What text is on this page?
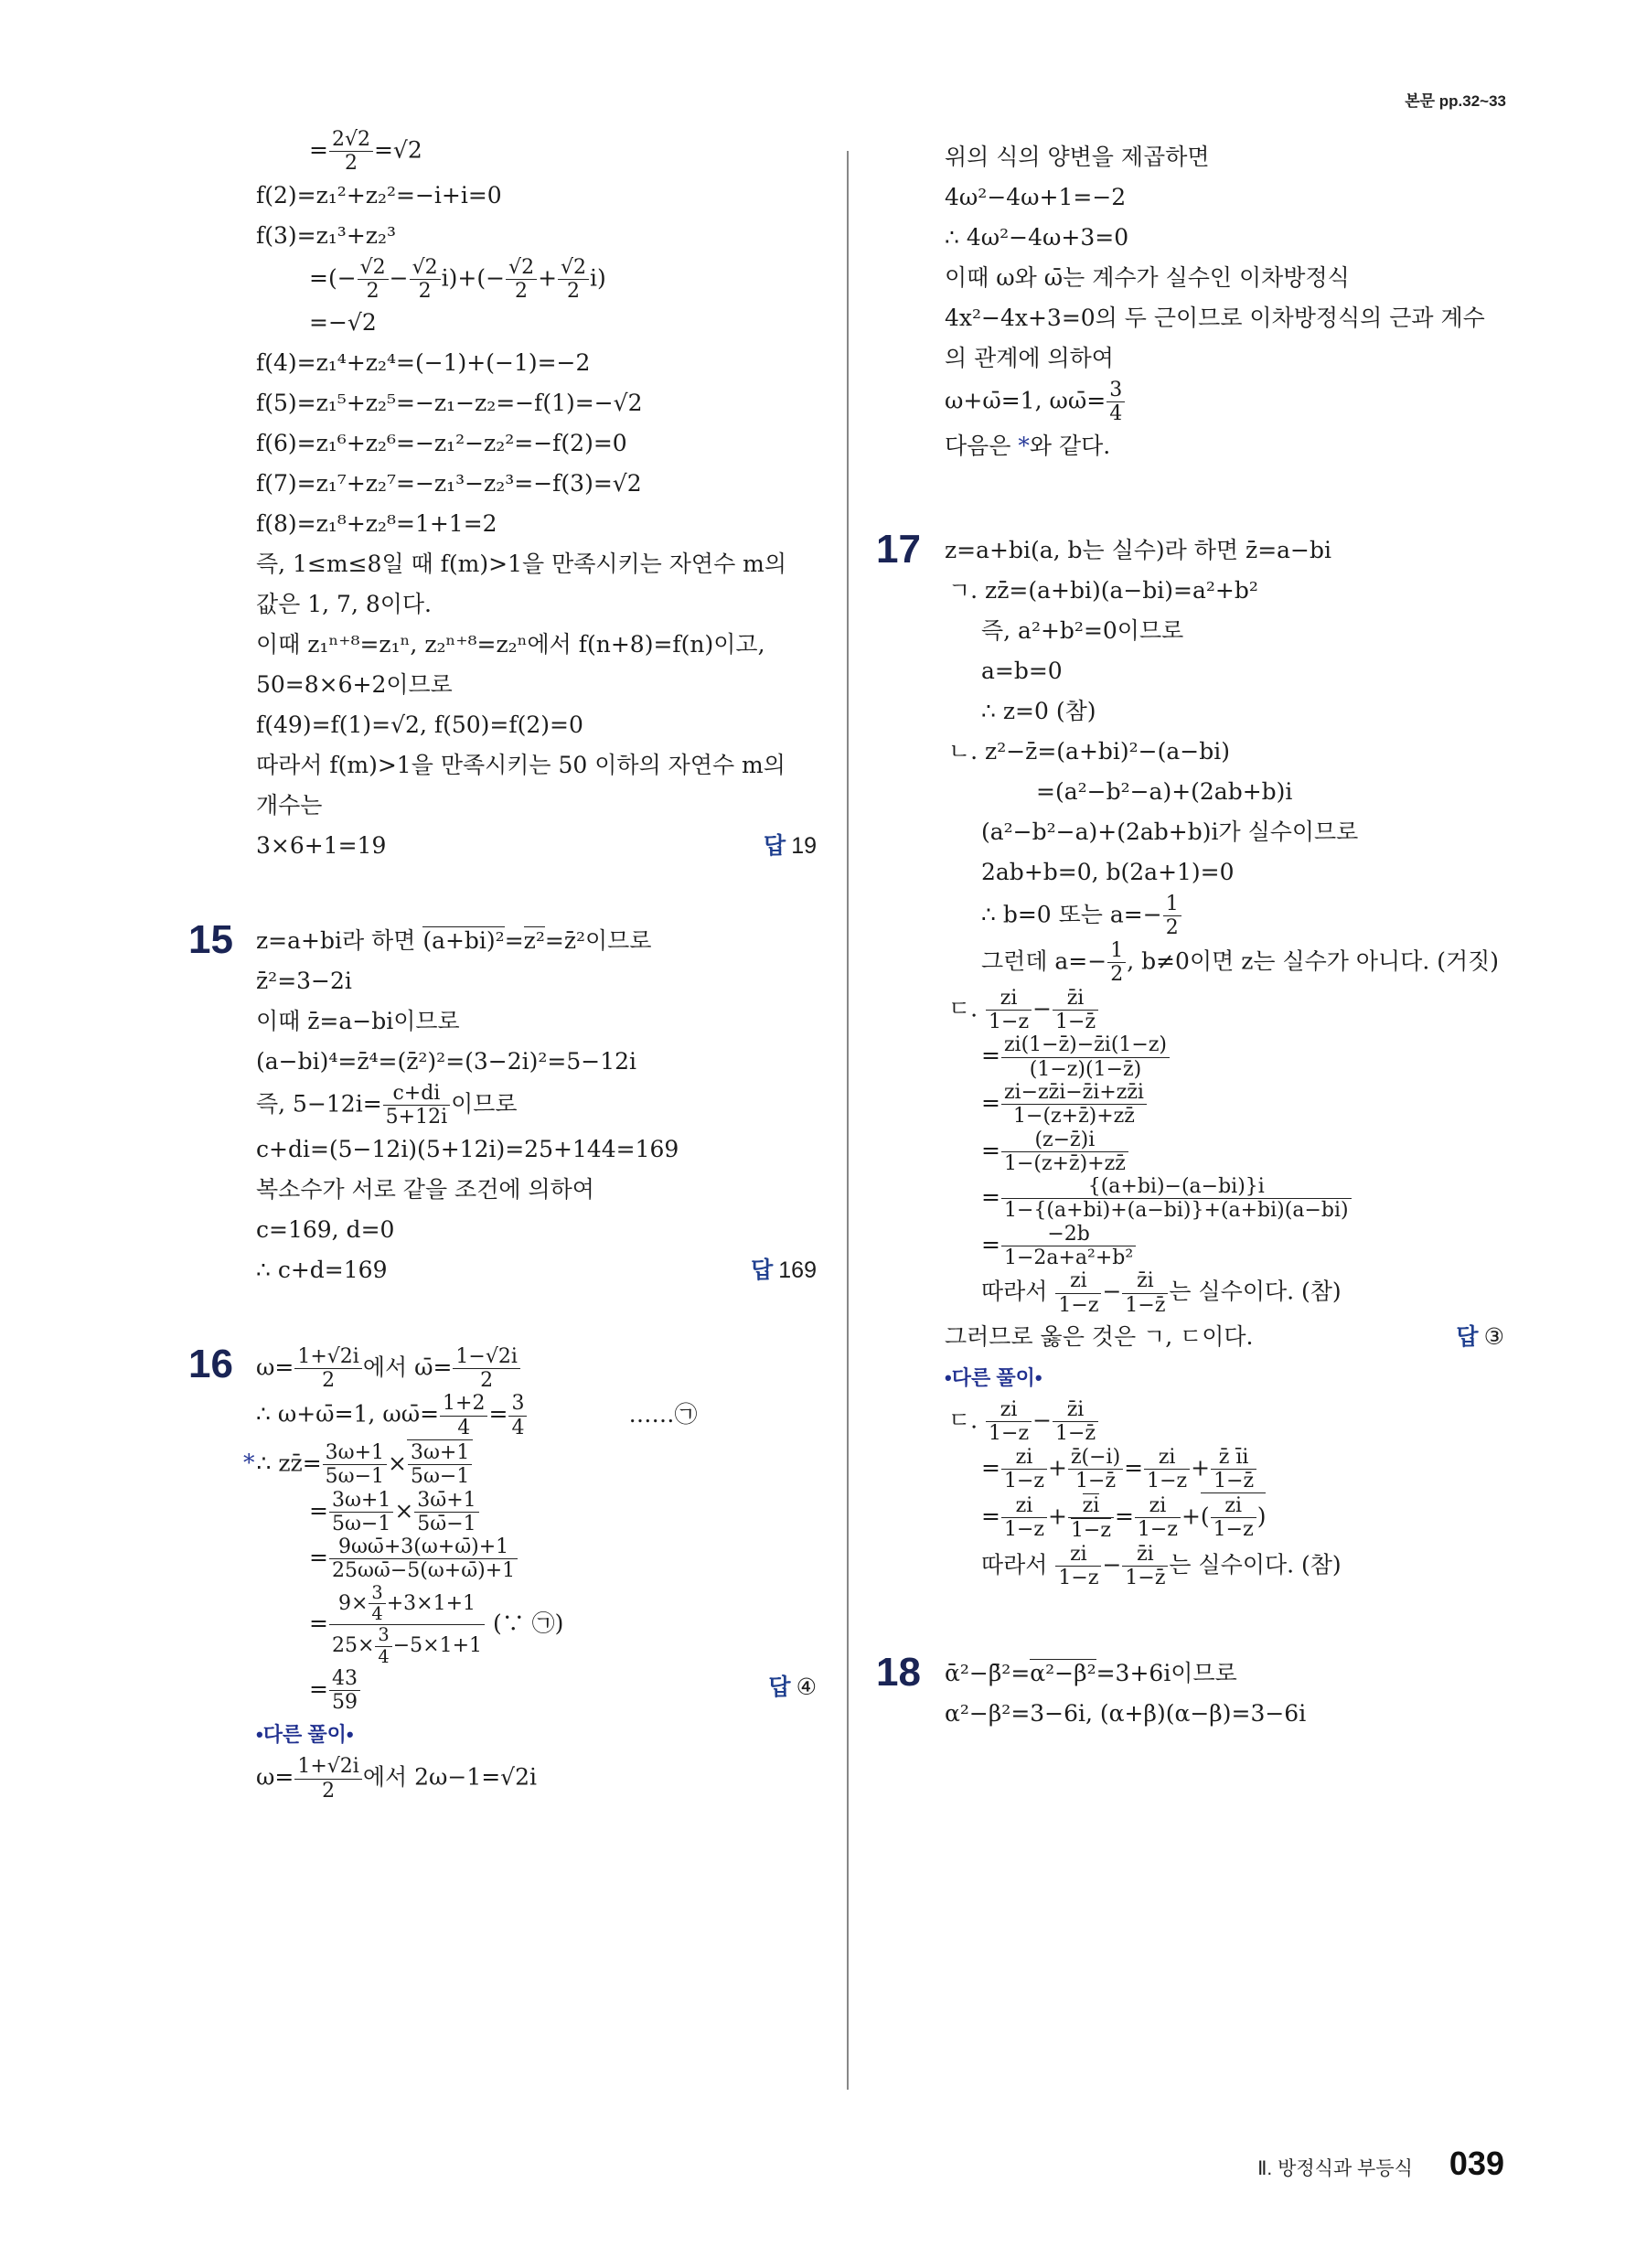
본문 pp.32~33
= $\frac{2√2}{2} =√2$
f(2)=z₁²+z₂²=−i+i=0
f(3)=z₁³+z₂³
=(− $\frac{√2}{2} - \frac{√2}{2} i)+(- \frac{√2}{2} + \frac{√2}{2} i)$
=−√2
f(4)=z₁⁴+z₂⁴=(−1)+(−1)=−2
f(5)=z₁⁵+z₂⁵=−z₁−z₂=−f(1)=−√2
f(6)=z₁⁶+z₂⁶=−z₁²−z₂²=−f(2)=0
f(7)=z₁⁷+z₂⁷=−z₁³−z₂³=−f(3)=√2
f(8)=z₁⁸+z₂⁸=1+1=2
즉, 1≤m≤8일 때 f(m)>1을 만족시키는 자연수 m의
값은 1, 7, 8이다.
이때 z₁ⁿ⁺⁸=z₁ⁿ, z₂ⁿ⁺⁸=z₂ⁿ에서 f(n+8)=f(n)이고,
50=8×6+2이므로
f(49)=f(1)=√2, f(50)=f(2)=0
따라서 f(m)>1을 만족시키는 50 이하의 자연수 m의
개수는
3×6+1=19	답 19
15 z=a+bi라 하면 (a+bi)²=z²=z̄²이므로
z̄²=3−2i
이때 z̄=a−bi이므로
(a−bi)⁴=z̄⁴=(z̄²)²=(3−2i)²=5−12i
즉, $5-12i= \frac{c+di}{5+12i}$ 이므로
c+di=(5−12i)(5+12i)=25+144=169
복소수가 서로 같을 조건에 의하여
c=169, d=0
∴ c+d=169	답 169
16 $\omega= \frac{1+√2i}{2}$ 에서 ω̄= $\frac{1-√2i}{2}$
∴ ω+ω̄=1, ωω̄= $\frac{1+2}{4} = \frac{3}{4}$	……㉠
*∴ zz̄= $\frac{3\omega+1}{5\omega-1} \times \frac{3\omega+1}{5\omega-1}$
= $\frac{3\omega+1}{5\omega-1} \times \frac{3\omegā+1}{5\omegā-1}$
= $\frac{9\omega\omegā+3(\omega+\omegā)+1}{25\omega\omegā-5(\omega+\omegā)+1}$
= $\frac{9\times \frac{3}{4} +3\times 1+1}{25\times \frac{3}{4} -5\times 1+1}$ (∵ ㉠)
= $\frac{43}{59}$	답 ④
•다른 풀이•
$\omega= \frac{1+√2i}{2}$ 에서 2ω−1=√2i
위의 식의 양변을 제곱하면
4ω²−4ω+1=−2
∴ 4ω²−4ω+3=0
이때 ω와 ω̄는 계수가 실수인 이차방정식
4x²−4x+3=0의 두 근이므로 이차방정식의 근과 계수
의 관계에 의하여
ω+ω̄=1, ωω̄= $\frac{3}{4}$
다음은 *와 같다.
17 z=a+bi(a, b는 실수)라 하면 z̄=a−bi
ㄱ. zz̄=(a+bi)(a−bi)=a²+b²
즉, a²+b²=0이므로
a=b=0
∴ z=0 (참)
ㄴ. z²−z̄=(a+bi)²−(a−bi)
=(a²−b²−a)+(2ab+b)i
(a²−b²−a)+(2ab+b)i가 실수이므로
2ab+b=0, b(2a+1)=0
∴ b=0 또는 $a=- \frac{1}{2}$
그런데 $a=- \frac{1}{2}$ , b≠0이면 z는 실수가 아니다. (거짓)
ㄷ. $\frac{zi}{1-z} - \frac{z̄i}{1-z̄}$
= $\frac{zi(1-z̄)-z̄i(1-z)}{(1-z)(1-z̄)}$
= $\frac{zi-zz̄i-z̄i+zz̄i}{1-(z+z̄)+zz̄}$
= $\frac{(z-z̄)i}{1-(z+z̄)+zz̄}$
= $\frac{\{(a+bi)-(a-bi)\}i}{1-\{(a+bi)+(a-bi)\}+(a+bi)(a-bi)}$
= $\frac{-2b}{\text{1−2a+a²+b²}}$
따라서 $\frac{zi}{1-z} - \frac{z̄i}{1-z̄}$ 는 실수이다. (참)
그러므로 옳은 것은 ㄱ, ㄷ이다.	답 ③
•다른 풀이•
ㄷ. $\frac{zi}{1-z} - \frac{z̄i}{1-z̄}$
= $\frac{zi}{1-z} + \frac{z̄(-i)}{1-z̄} = \frac{zi}{1-z} + \frac{z̄ īi}{1-z̄}$
= $\frac{zi}{1-z} + \frac{zi}{1-z} = \frac{zi}{1-z}$ +( $\frac{zi}{1-z}$ )
따라서 $\frac{zi}{1-z} - \frac{z̄i}{1-z̄}$ 는 실수이다. (참)
18 ᾱ²−β̄²=α²−β²=3+6i이므로
α²−β²=3−6i, (α+β)(α−β)=3−6i
Ⅱ. 방정식과 부등식 039
